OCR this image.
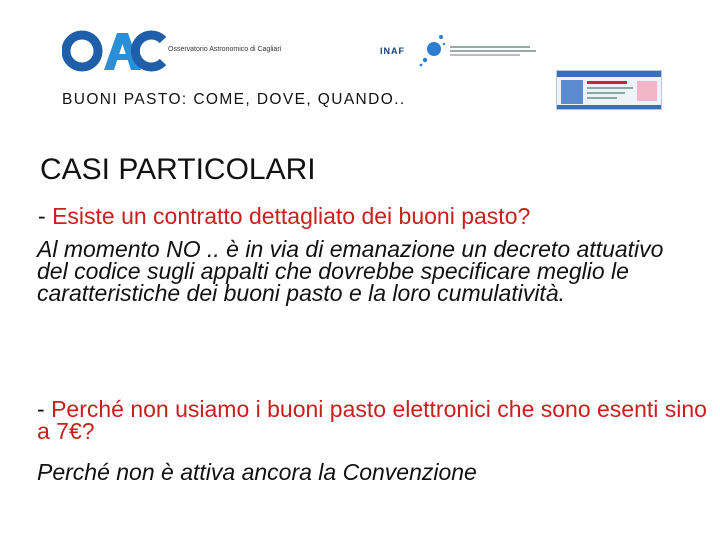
Osservatorio Astronomico di Cagliari	INAF
BUONI PASTO: COME, DOVE, QUANDO..
CASI PARTICOLARI
- Esiste un contratto dettagliato dei buoni pasto?
Al momento NO .. è in via di emanazione un decreto attuativo del codice sugli appalti che dovrebbe specificare meglio le caratteristiche dei buoni pasto e la loro cumulatività.
- Perché non usiamo i buoni pasto elettronici che sono esenti sino a 7€?
Perché non è attiva ancora la Convenzione
